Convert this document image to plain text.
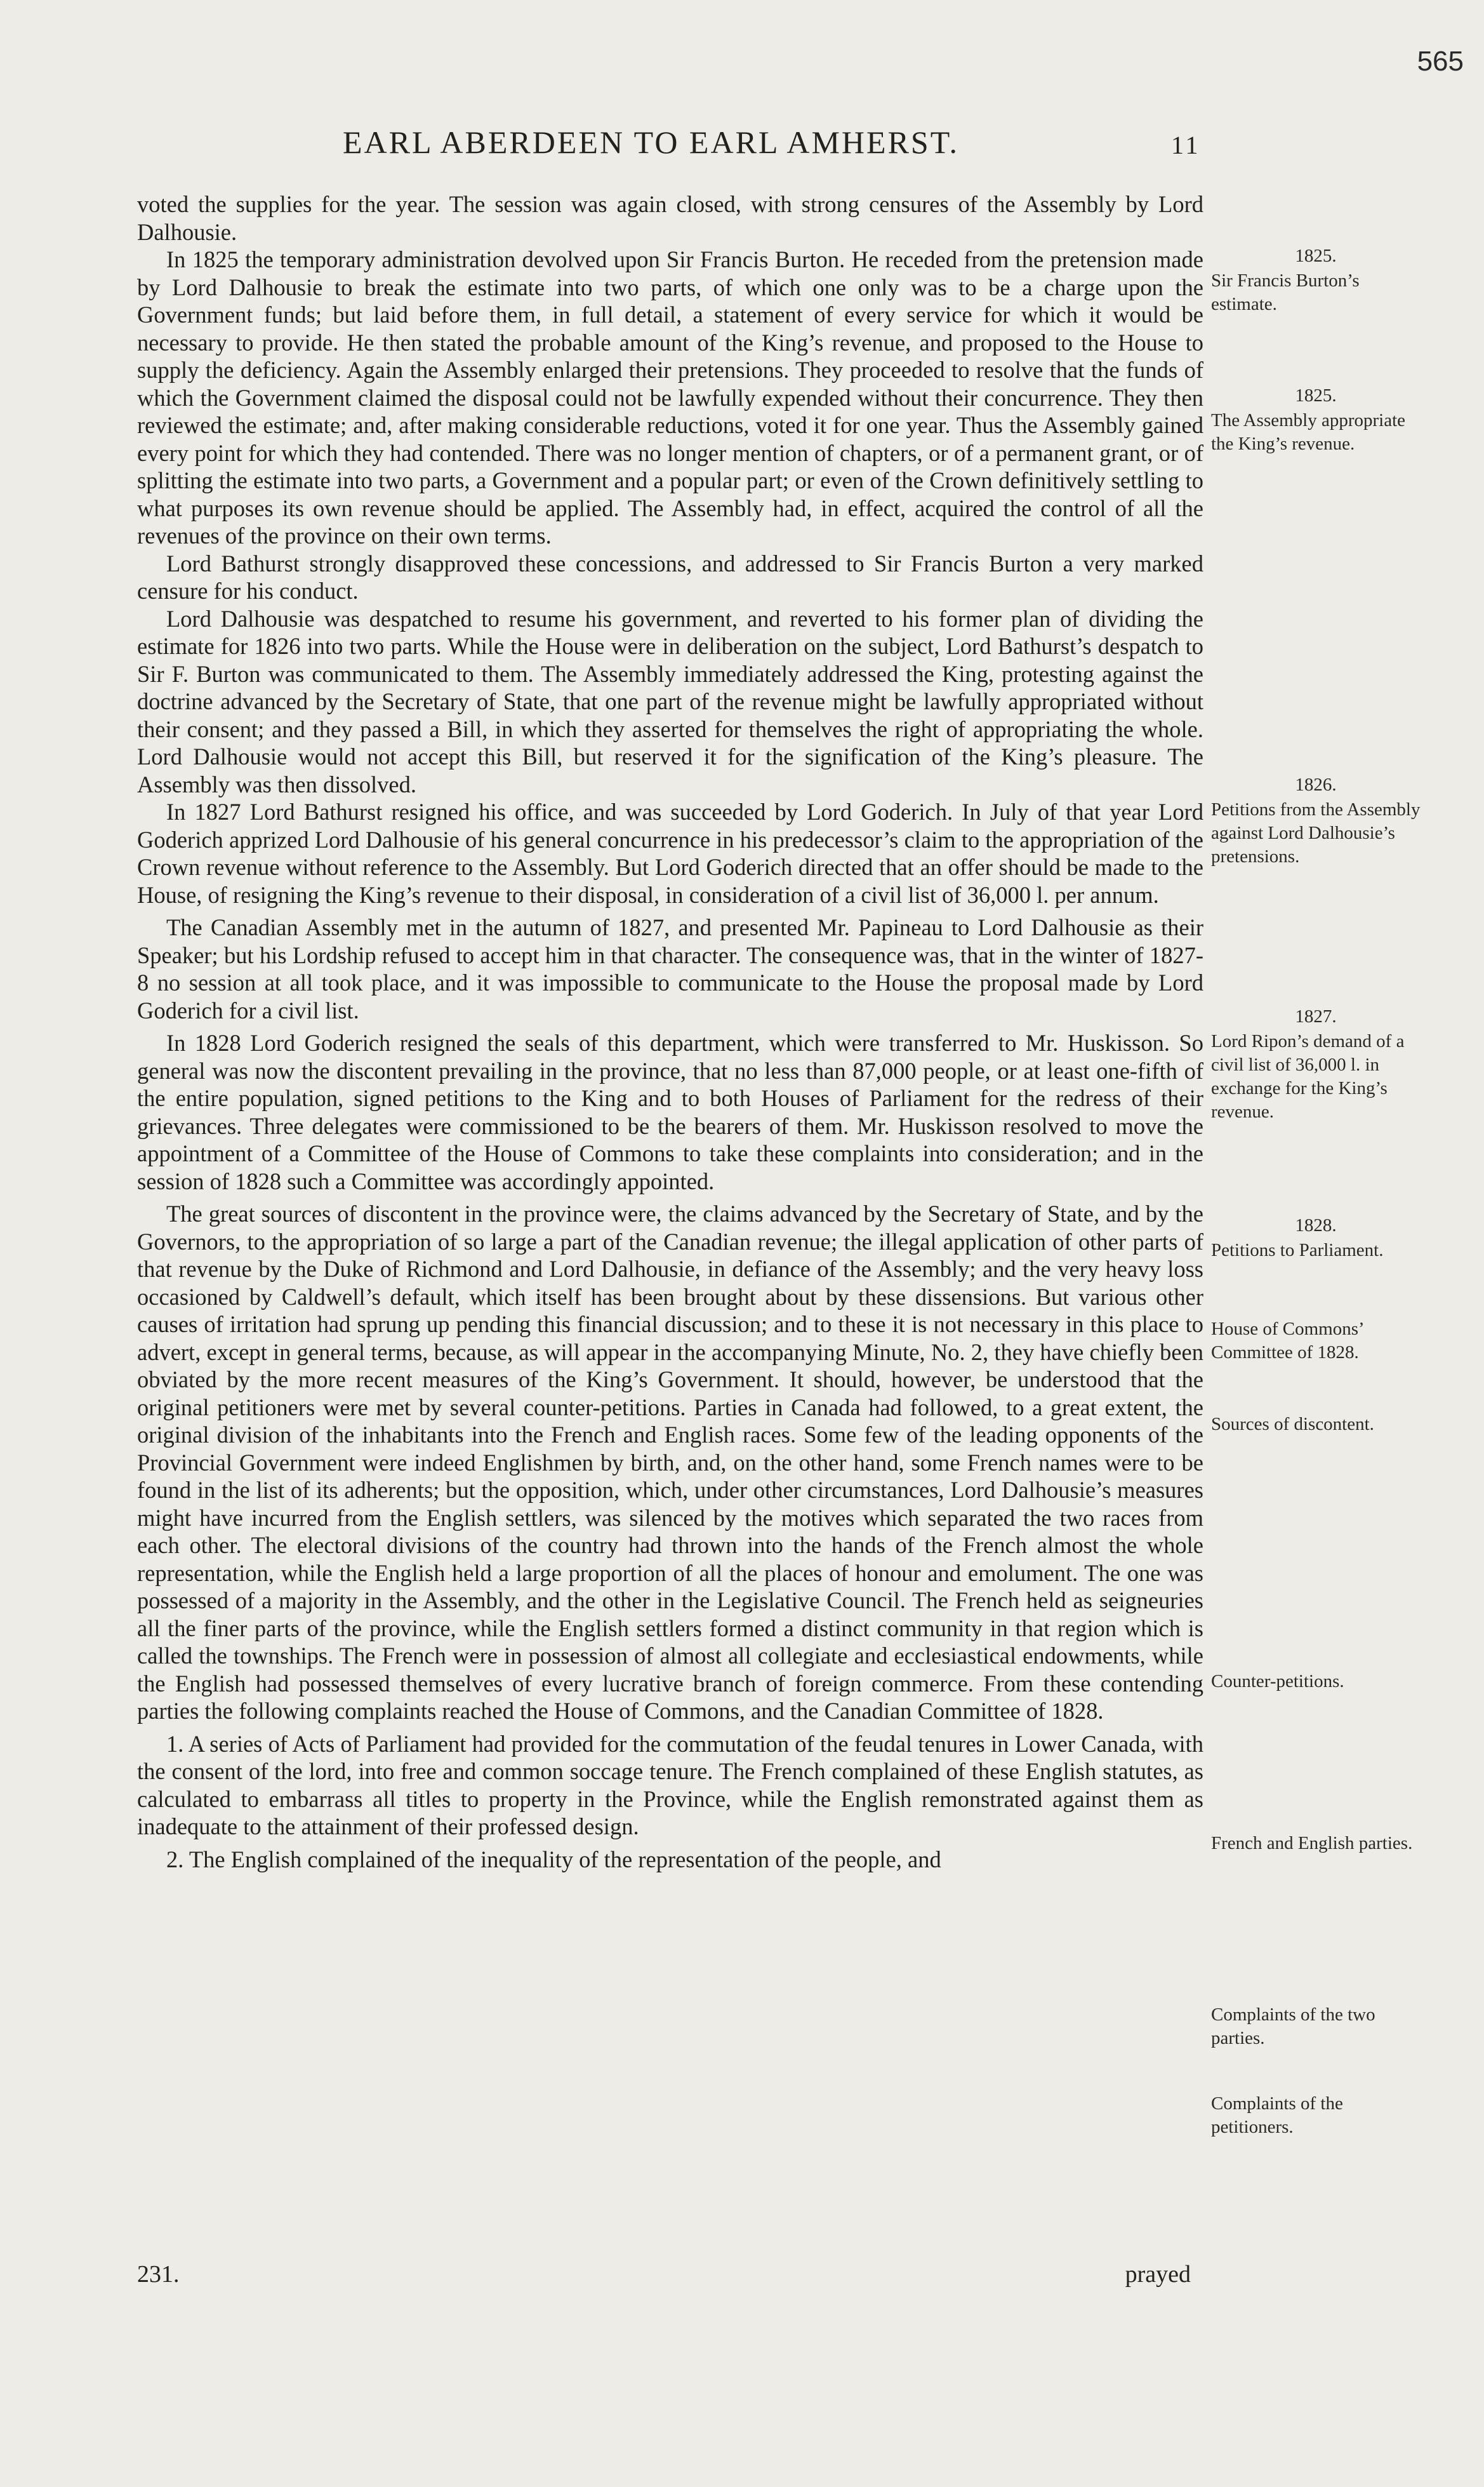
565
EARL ABERDEEN TO EARL AMHERST.	11

voted the supplies for the year. The session was again closed, with strong censures of the Assembly by Lord Dalhousie.

In 1825 the temporary administration devolved upon Sir Francis Burton. He receded from the pretension made by Lord Dalhousie to break the estimate into two parts, of which one only was to be a charge upon the Government funds; but laid before them, in full detail, a statement of every service for which it would be necessary to provide. He then stated the probable amount of the King’s revenue, and proposed to the House to supply the deficiency. Again the Assembly enlarged their pretensions. They proceeded to resolve that the funds of which the Government claimed the disposal could not be lawfully expended without their concurrence. They then reviewed the estimate; and, after making considerable reductions, voted it for one year. Thus the Assembly gained every point for which they had contended. There was no longer mention of chapters, or of a permanent grant, or of splitting the estimate into two parts, a Government and a popular part; or even of the Crown definitively settling to what purposes its own revenue should be applied. The Assembly had, in effect, acquired the control of all the revenues of the province on their own terms.

Lord Bathurst strongly disapproved these concessions, and addressed to Sir Francis Burton a very marked censure for his conduct.

Lord Dalhousie was despatched to resume his government, and reverted to his former plan of dividing the estimate for 1826 into two parts. While the House were in deliberation on the subject, Lord Bathurst’s despatch to Sir F. Burton was communicated to them. The Assembly immediately addressed the King, protesting against the doctrine advanced by the Secretary of State, that one part of the revenue might be lawfully appropriated without their consent; and they passed a Bill, in which they asserted for themselves the right of appropriating the whole. Lord Dalhousie would not accept this Bill, but reserved it for the signification of the King’s pleasure. The Assembly was then dissolved.

In 1827 Lord Bathurst resigned his office, and was succeeded by Lord Goderich. In July of that year Lord Goderich apprized Lord Dalhousie of his general concurrence in his predecessor’s claim to the appropriation of the Crown revenue without reference to the Assembly. But Lord Goderich directed that an offer should be made to the House, of resigning the King’s revenue to their disposal, in consideration of a civil list of 36,000 l. per annum.

The Canadian Assembly met in the autumn of 1827, and presented Mr. Papineau to Lord Dalhousie as their Speaker; but his Lordship refused to accept him in that character. The consequence was, that in the winter of 1827-8 no session at all took place, and it was impossible to communicate to the House the proposal made by Lord Goderich for a civil list.

In 1828 Lord Goderich resigned the seals of this department, which were transferred to Mr. Huskisson. So general was now the discontent prevailing in the province, that no less than 87,000 people, or at least one-fifth of the entire population, signed petitions to the King and to both Houses of Parliament for the redress of their grievances. Three delegates were commissioned to be the bearers of them. Mr. Huskisson resolved to move the appointment of a Committee of the House of Commons to take these complaints into consideration; and in the session of 1828 such a Committee was accordingly appointed.

The great sources of discontent in the province were, the claims advanced by the Secretary of State, and by the Governors, to the appropriation of so large a part of the Canadian revenue; the illegal application of other parts of that revenue by the Duke of Richmond and Lord Dalhousie, in defiance of the Assembly; and the very heavy loss occasioned by Caldwell’s default, which itself has been brought about by these dissensions. But various other causes of irritation had sprung up pending this financial discussion; and to these it is not necessary in this place to advert, except in general terms, because, as will appear in the accompanying Minute, No. 2, they have chiefly been obviated by the more recent measures of the King’s Government. It should, however, be understood that the original petitioners were met by several counter-petitions. Parties in Canada had followed, to a great extent, the original division of the inhabitants into the French and English races. Some few of the leading opponents of the Provincial Government were indeed Englishmen by birth, and, on the other hand, some French names were to be found in the list of its adherents; but the opposition, which, under other circumstances, Lord Dalhousie’s measures might have incurred from the English settlers, was silenced by the motives which separated the two races from each other. The electoral divisions of the country had thrown into the hands of the French almost the whole representation, while the English held a large proportion of all the places of honour and emolument. The one was possessed of a majority in the Assembly, and the other in the Legislative Council. The French held as seigneuries all the finer parts of the province, while the English settlers formed a distinct community in that region which is called the townships. The French were in possession of almost all collegiate and ecclesiastical endowments, while the English had possessed themselves of every lucrative branch of foreign commerce. From these contending parties the following complaints reached the House of Commons, and the Canadian Committee of 1828.

1. A series of Acts of Parliament had provided for the commutation of the feudal tenures in Lower Canada, with the consent of the lord, into free and common soccage tenure. The French complained of these English statutes, as calculated to embarrass all titles to property in the Province, while the English remonstrated against them as inadequate to the attainment of their professed design.

2. The English complained of the inequality of the representation of the people, and

231.	prayed
1825.
Sir Francis Burton’s estimate.
1825.
The Assembly appropriate the King’s revenue.
1826.
Petitions from the Assembly against Lord Dalhousie’s pretensions.
1827.
Lord Ripon’s demand of a civil list of 36,000 l. in exchange for the King’s revenue.
1828.
Petitions to Parliament.
House of Commons’ Committee of 1828.
Sources of discontent.
Counter-petitions.
French and English parties.
Complaints of the two parties.
Complaints of the petitioners.
